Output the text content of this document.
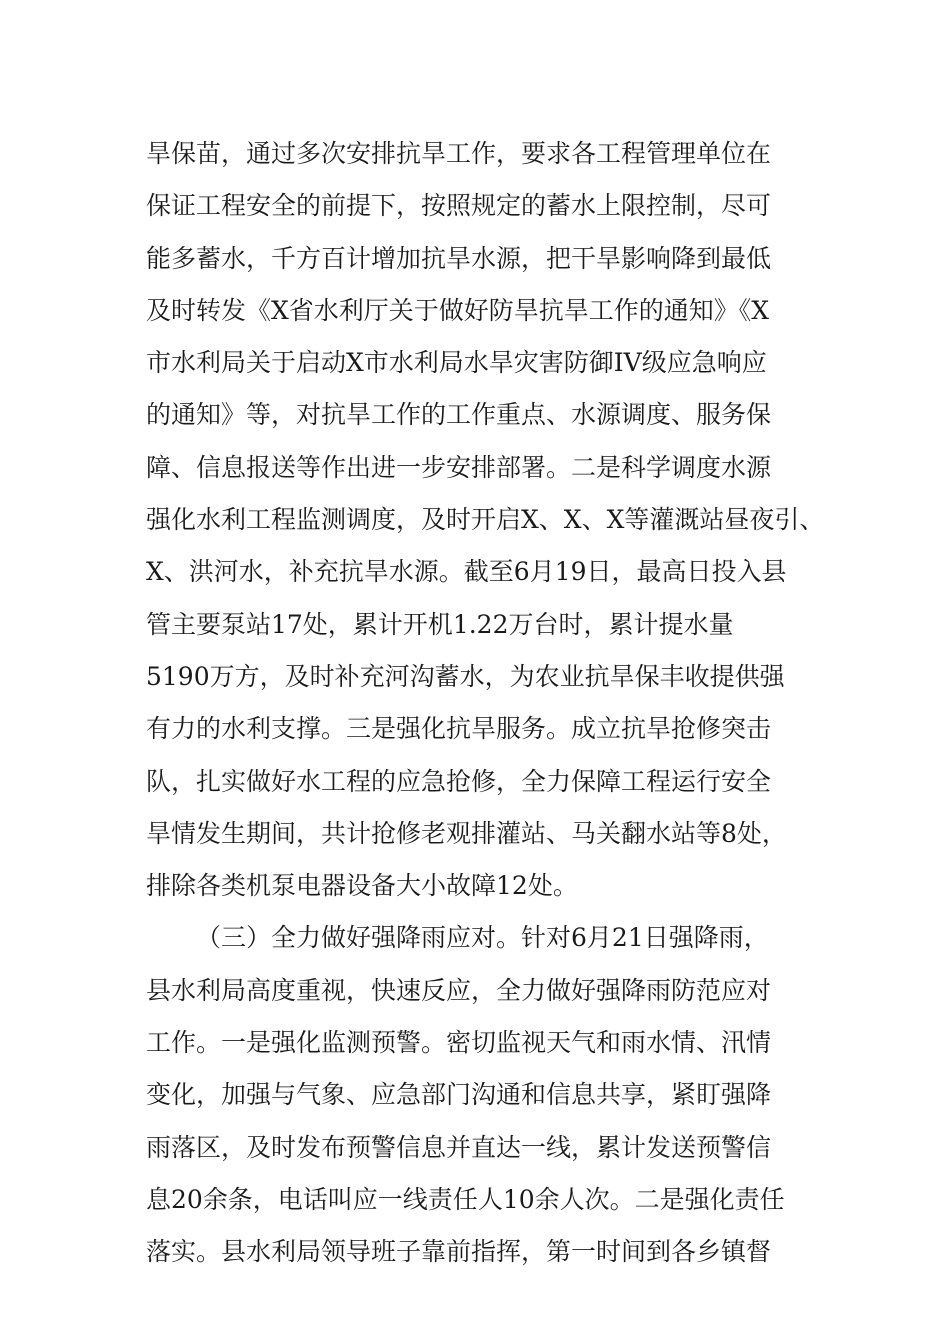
旱保苗，通过多次安排抗旱工作，要求各工程管理单位在
保证工程安全的前提下，按照规定的蓄水上限控制，尽可
能多蓄水，千方百计增加抗旱水源，把干旱影响降到最低
及时转发《X省水利厅关于做好防旱抗旱工作的通知》《X
市水利局关于启动X市水利局水旱灾害防御IV级应急响应
的通知》等，对抗旱工作的工作重点、水源调度、服务保
障、信息报送等作出进一步安排部署。二是科学调度水源
强化水利工程监测调度，及时开启X、X、X等灌溉站昼夜引、
X、洪河水，补充抗旱水源。截至6月19日，最高日投入县
管主要泵站17处，累计开机1.22万台时，累计提水量
5190万方，及时补充河沟蓄水，为农业抗旱保丰收提供强
有力的水利支撑。三是强化抗旱服务。成立抗旱抢修突击
队，扎实做好水工程的应急抢修，全力保障工程运行安全
旱情发生期间，共计抢修老观排灌站、马关翻水站等8处，
排除各类机泵电器设备大小故障12处。
（三）全力做好强降雨应对。针对6月21日强降雨，
县水利局高度重视，快速反应，全力做好强降雨防范应对
工作。一是强化监测预警。密切监视天气和雨水情、汛情
变化，加强与气象、应急部门沟通和信息共享，紧盯强降
雨落区，及时发布预警信息并直达一线，累计发送预警信
息20余条，电话叫应一线责任人10余人次。二是强化责任
落实。县水利局领导班子靠前指挥，第一时间到各乡镇督
